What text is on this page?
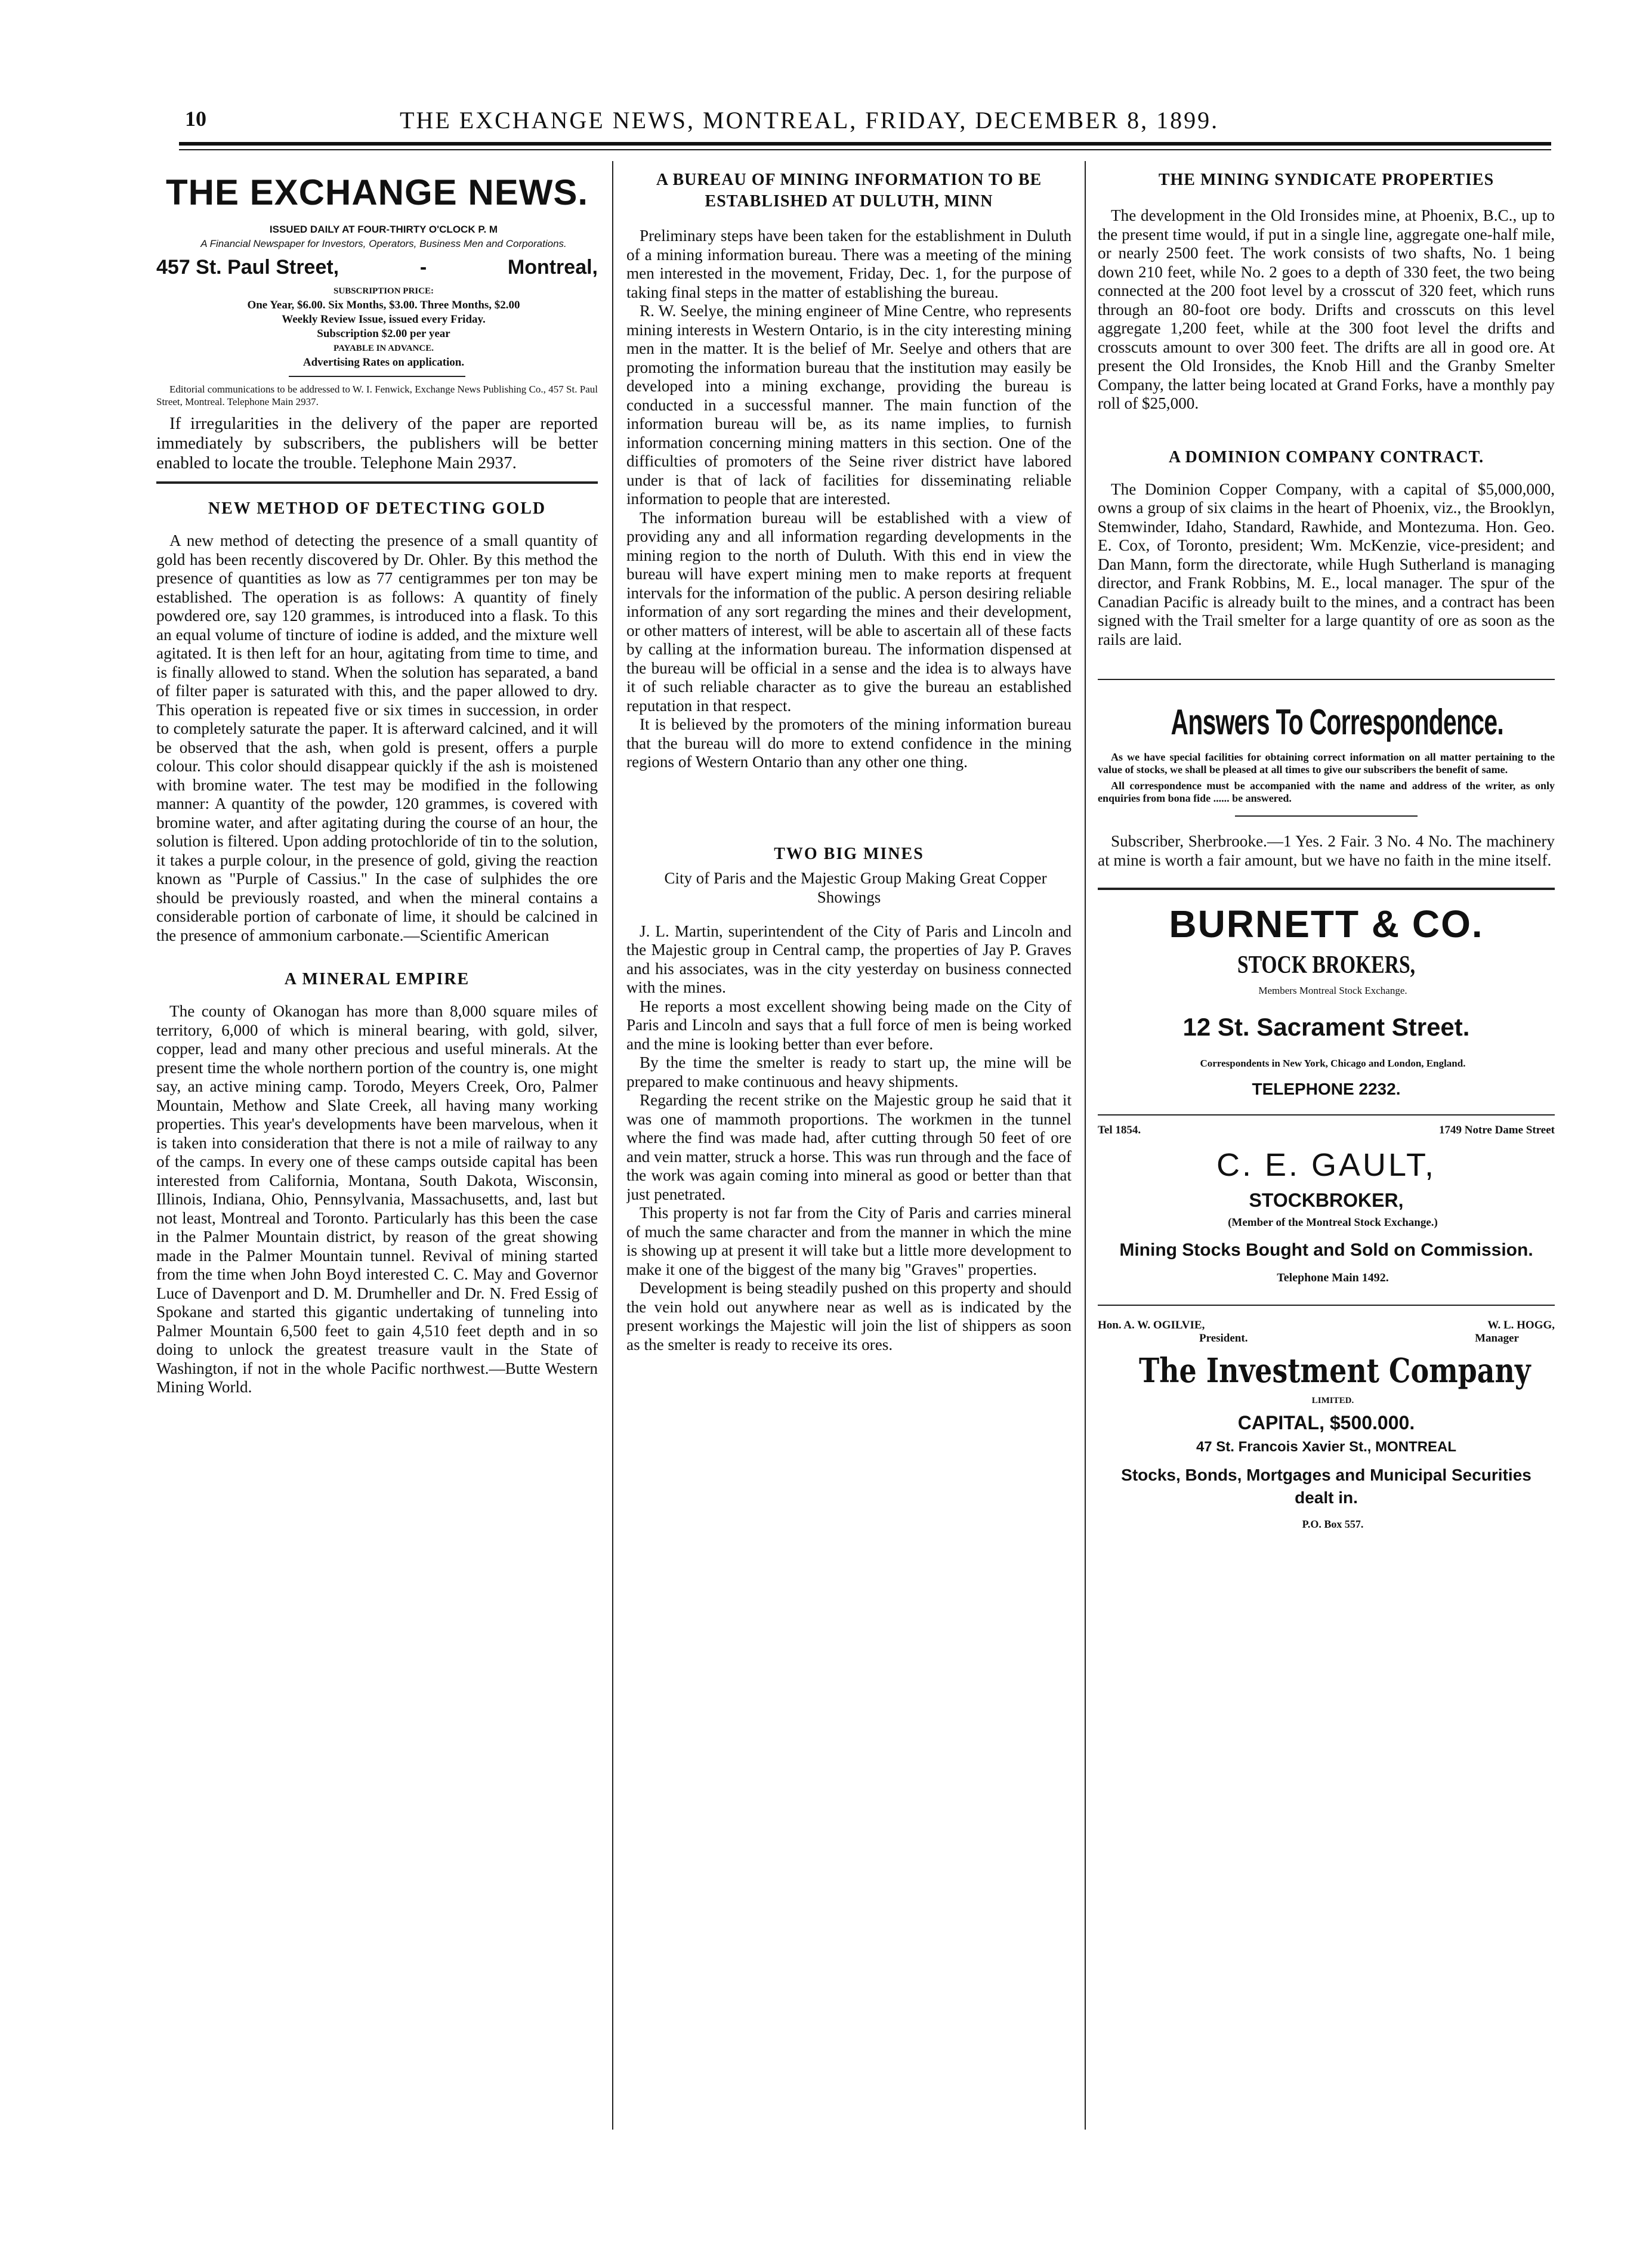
10	THE EXCHANGE NEWS, MONTREAL, FRIDAY, DECEMBER 8, 1899.
THE EXCHANGE NEWS.

ISSUED DAILY AT FOUR-THIRTY O'CLOCK P. M

A Financial Newspaper for Investors, Operators, Business Men and Corporations.

457 St. Paul Street,	-	Montreal,

SUBSCRIPTION PRICE:

One Year, $6.00. Six Months, $3.00. Three Months, $2.00

Weekly Review Issue, issued every Friday.

Subscription $2.00 per year

PAYABLE IN ADVANCE.

Advertising Rates on application.

Editorial communications to be addressed to W. I. Fenwick, Exchange News Publishing Co., 457 St. Paul Street, Montreal. Telephone Main 2937.

If irregularities in the delivery of the paper are reported immediately by subscribers, the publishers will be better enabled to locate the trouble. Telephone Main 2937.

NEW METHOD OF DETECTING GOLD

A new method of detecting the presence of a small quantity of gold has been recently discovered by Dr. Ohler. By this method the presence of quantities as low as 77 centigrammes per ton may be established. The operation is as follows: A quantity of finely powdered ore, say 120 grammes, is introduced into a flask. To this an equal volume of tincture of iodine is added, and the mixture well agitated. It is then left for an hour, agitating from time to time, and is finally allowed to stand. When the solution has separated, a band of filter paper is saturated with this, and the paper allowed to dry. This operation is repeated five or six times in succession, in order to completely saturate the paper. It is afterward calcined, and it will be observed that the ash, when gold is present, offers a purple colour. This color should disappear quickly if the ash is moistened with bromine water. The test may be modified in the following manner: A quantity of the powder, 120 grammes, is covered with bromine water, and after agitating during the course of an hour, the solution is filtered. Upon adding protochloride of tin to the solution, it takes a purple colour, in the presence of gold, giving the reaction known as "Purple of Cassius." In the case of sulphides the ore should be previously roasted, and when the mineral contains a considerable portion of carbonate of lime, it should be calcined in the presence of ammonium carbonate.—Scientific American

A MINERAL EMPIRE

The county of Okanogan has more than 8,000 square miles of territory, 6,000 of which is mineral bearing, with gold, silver, copper, lead and many other precious and useful minerals. At the present time the whole northern portion of the country is, one might say, an active mining camp. Torodo, Meyers Creek, Oro, Palmer Mountain, Methow and Slate Creek, all having many working properties. This year's developments have been marvelous, when it is taken into consideration that there is not a mile of railway to any of the camps. In every one of these camps outside capital has been interested from California, Montana, South Dakota, Wisconsin, Illinois, Indiana, Ohio, Pennsylvania, Massachusetts, and, last but not least, Montreal and Toronto. Particularly has this been the case in the Palmer Mountain district, by reason of the great showing made in the Palmer Mountain tunnel. Revival of mining started from the time when John Boyd interested C. C. May and Governor Luce of Davenport and D. M. Drumheller and Dr. N. Fred Essig of Spokane and started this gigantic undertaking of tunneling into Palmer Mountain 6,500 feet to gain 4,510 feet depth and in so doing to unlock the greatest treasure vault in the State of Washington, if not in the whole Pacific northwest.—Butte Western Mining World.

A BUREAU OF MINING INFORMATION TO BE ESTABLISHED AT DULUTH, MINN

Preliminary steps have been taken for the establishment in Duluth of a mining information bureau. There was a meeting of the mining men interested in the movement, Friday, Dec. 1, for the purpose of taking final steps in the matter of establishing the bureau.

R. W. Seelye, the mining engineer of Mine Centre, who represents mining interests in Western Ontario, is in the city interesting mining men in the matter. It is the belief of Mr. Seelye and others that are promoting the information bureau that the institution may easily be developed into a mining exchange, providing the bureau is conducted in a successful manner. The main function of the information bureau will be, as its name implies, to furnish information concerning mining matters in this section. One of the difficulties of promoters of the Seine river district have labored under is that of lack of facilities for disseminating reliable information to people that are interested.

The information bureau will be established with a view of providing any and all information regarding developments in the mining region to the north of Duluth. With this end in view the bureau will have expert mining men to make reports at frequent intervals for the information of the public. A person desiring reliable information of any sort regarding the mines and their development, or other matters of interest, will be able to ascertain all of these facts by calling at the information bureau. The information dispensed at the bureau will be official in a sense and the idea is to always have it of such reliable character as to give the bureau an established reputation in that respect.

It is believed by the promoters of the mining information bureau that the bureau will do more to extend confidence in the mining regions of Western Ontario than any other one thing.

TWO BIG MINES

City of Paris and the Majestic Group Making Great Copper Showings

J. L. Martin, superintendent of the City of Paris and Lincoln and the Majestic group in Central camp, the properties of Jay P. Graves and his associates, was in the city yesterday on business connected with the mines.

He reports a most excellent showing being made on the City of Paris and Lincoln and says that a full force of men is being worked and the mine is looking better than ever before.

By the time the smelter is ready to start up, the mine will be prepared to make continuous and heavy shipments.

Regarding the recent strike on the Majestic group he said that it was one of mammoth proportions. The workmen in the tunnel where the find was made had, after cutting through 50 feet of ore and vein matter, struck a horse. This was run through and the face of the work was again coming into mineral as good or better than that just penetrated.

This property is not far from the City of Paris and carries mineral of much the same character and from the manner in which the mine is showing up at present it will take but a little more development to make it one of the biggest of the many big "Graves" properties.

Development is being steadily pushed on this property and should the vein hold out anywhere near as well as is indicated by the present workings the Majestic will join the list of shippers as soon as the smelter is ready to receive its ores.

THE MINING SYNDICATE PROPERTIES

The development in the Old Ironsides mine, at Phoenix, B.C., up to the present time would, if put in a single line, aggregate one-half mile, or nearly 2500 feet. The work consists of two shafts, No. 1 being down 210 feet, while No. 2 goes to a depth of 330 feet, the two being connected at the 200 foot level by a crosscut of 320 feet, which runs through an 80-foot ore body. Drifts and crosscuts on this level aggregate 1,200 feet, while at the 300 foot level the drifts and crosscuts amount to over 300 feet. The drifts are all in good ore. At present the Old Ironsides, the Knob Hill and the Granby Smelter Company, the latter being located at Grand Forks, have a monthly pay roll of $25,000.

A DOMINION COMPANY CONTRACT.

The Dominion Copper Company, with a capital of $5,000,000, owns a group of six claims in the heart of Phoenix, viz., the Brooklyn, Stemwinder, Idaho, Standard, Rawhide, and Montezuma. Hon. Geo. E. Cox, of Toronto, president; Wm. McKenzie, vice-president; and Dan Mann, form the directorate, while Hugh Sutherland is managing director, and Frank Robbins, M. E., local manager. The spur of the Canadian Pacific is already built to the mines, and a contract has been signed with the Trail smelter for a large quantity of ore as soon as the rails are laid.

Answers To Correspondence.

As we have special facilities for obtaining correct information on all matter pertaining to the value of stocks, we shall be pleased at all times to give our subscribers the benefit of same.

All correspondence must be accompanied with the name and address of the writer, as only enquiries from bona fide ...... be answered.

Subscriber, Sherbrooke.—1 Yes. 2 Fair. 3 No. 4 No. The machinery at mine is worth a fair amount, but we have no faith in the mine itself.

BURNETT & CO.
STOCK BROKERS,

Members Montreal Stock Exchange.

12 St. Sacrament Street.

Correspondents in New York, Chicago and London, England.

TELEPHONE 2232.
Tel 1854.	1749 Notre Dame Street
C. E. GAULT,
STOCKBROKER,

(Member of the Montreal Stock Exchange.)

Mining Stocks Bought and Sold on Commission.

Telephone Main 1492.

Hon. A. W. OGILVIE,	W. L. HOGG,
President.	Manager
The Investment Company

LIMITED.

CAPITAL, $500.000.
47 St. Francois Xavier St., MONTREAL
Stocks, Bonds, Mortgages and Municipal Securities dealt in.

P.O. Box 557.
